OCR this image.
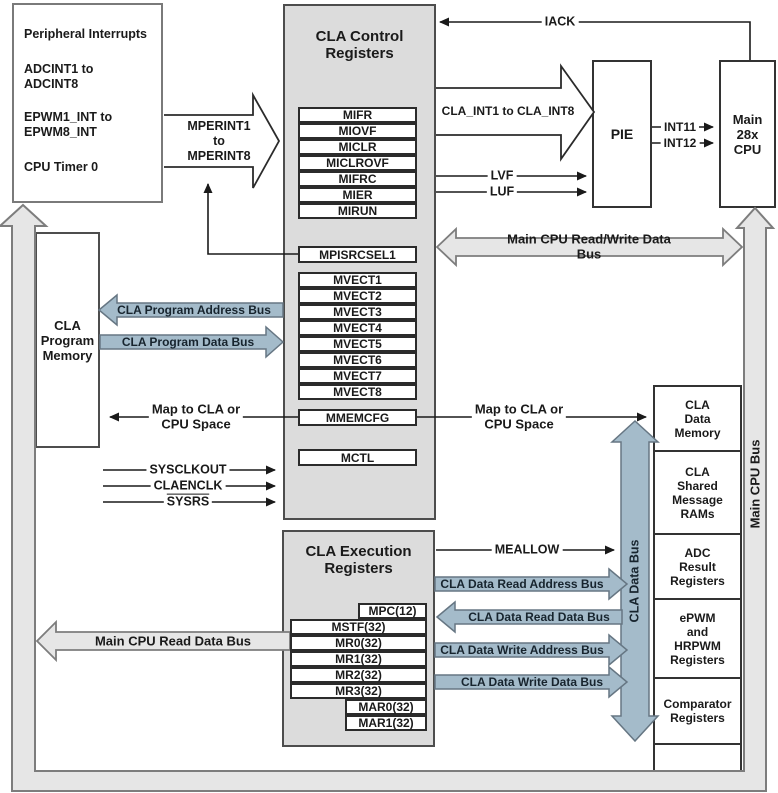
Peripheral Interrupts
ADCINT1 to
ADCINT8
EPWM1_INT to
EPWM8_INT
CPU Timer 0
CLA Control
Registers
CLA Execution
Registers
CLA
Program
Memory
PIE
Main
28x
CPU
CLA
Data
Memory
CLA
Shared
Message
RAMs
ADC
Result
Registers
ePWM
and
HRPWM
Registers
Comparator
Registers
MIFR
MIOVF
MICLR
MICLROVF
MIFRC
MIER
MIRUN
MPISRCSEL1
MVECT1
MVECT2
MVECT3
MVECT4
MVECT5
MVECT6
MVECT7
MVECT8
MMEMCFG
MCTL
MPC(12)
MSTF(32)
MR0(32)
MR1(32)
MR2(32)
MR3(32)
MAR0(32)
MAR1(32)
MPERINT1
to
MPERINT8
CLA_INT1 to CLA_INT8
IACK
LVF
LUF
INT11
INT12
Main CPU Read/Write Data Bus
CLA Program Address Bus
CLA Program Data Bus
Map to CLA or
CPU Space
Map to CLA or
CPU Space
SYSCLKOUT
CLAENCLK
SYSRS
MEALLOW
CLA Data Read Address Bus
CLA Data Read Data Bus
CLA Data Write Address Bus
CLA Data Write Data Bus
Main CPU Read Data Bus
CLA Data Bus
Main CPU Bus
